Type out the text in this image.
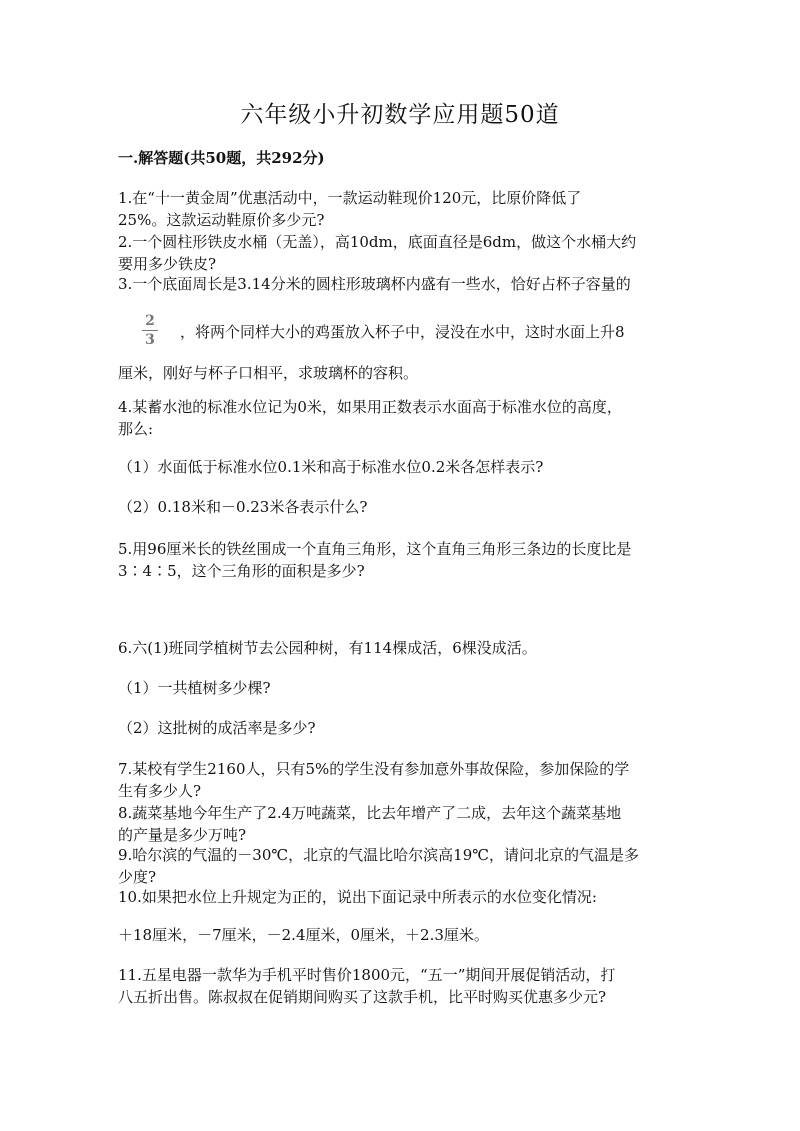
六年级小升初数学应用题50道
一.解答题(共50题，共292分)
1.在“十一黄金周”优惠活动中，一款运动鞋现价120元，比原价降低了
25%。这款运动鞋原价多少元?
2.一个圆柱形铁皮水桶（无盖），高10dm，底面直径是6dm，做这个水桶大约
要用多少铁皮?
3.一个底面周长是3.14分米的圆柱形玻璃杯内盛有一些水，恰好占杯子容量的
2
3	，将两个同样大小的鸡蛋放入杯子中，浸没在水中，这时水面上升8
厘米，刚好与杯子口相平，求玻璃杯的容积。
4.某蓄水池的标准水位记为0米，如果用正数表示水面高于标准水位的高度，
那么:
（1）水面低于标准水位0.1米和高于标准水位0.2米各怎样表示?
（2）0.18米和－0.23米各表示什么?
5.用96厘米长的铁丝围成一个直角三角形，这个直角三角形三条边的长度比是
3∶4∶5，这个三角形的面积是多少?
6.六(1)班同学植树节去公园种树，有114棵成活，6棵没成活。
（1）一共植树多少棵?
（2）这批树的成活率是多少?
7.某校有学生2160人，只有5%的学生没有参加意外事故保险，参加保险的学
生有多少人?
8.蔬菜基地今年生产了2.4万吨蔬菜，比去年增产了二成，去年这个蔬菜基地
的产量是多少万吨?
9.哈尔滨的气温的－30℃，北京的气温比哈尔滨高19℃，请问北京的气温是多
少度?
10.如果把水位上升规定为正的，说出下面记录中所表示的水位变化情况:
＋18厘米，－7厘米，－2.4厘米，0厘米，＋2.3厘米。
11.五星电器一款华为手机平时售价1800元，“五一”期间开展促销活动，打
八五折出售。陈叔叔在促销期间购买了这款手机，比平时购买优惠多少元?
